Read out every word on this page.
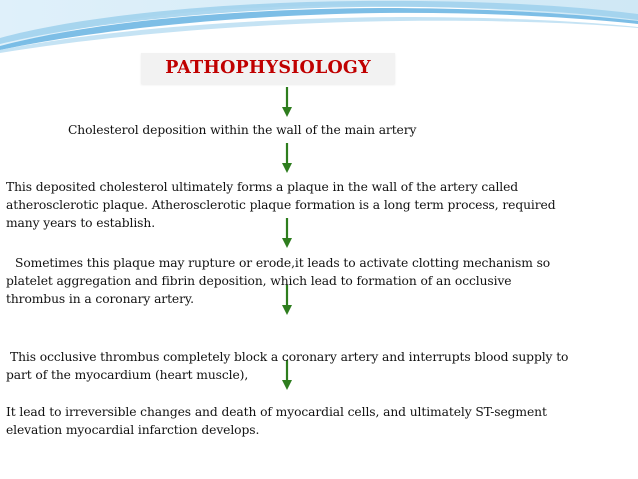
PATHOPHYSIOLOGY
Cholesterol deposition within the wall of the main artery
This deposited cholesterol ultimately forms a plaque in the wall of the artery called
atherosclerotic plaque. Atherosclerotic plaque formation is a long term process, required
many years to establish.
Sometimes this plaque may rupture or erode,it leads to activate clotting mechanism so
platelet aggregation and fibrin deposition, which lead to formation of an occlusive
thrombus in a coronary artery.
This occlusive thrombus completely block a coronary artery and interrupts blood supply to
part of the myocardium (heart muscle),
It lead to irreversible changes and death of myocardial cells, and ultimately ST-segment
elevation myocardial infarction develops.
